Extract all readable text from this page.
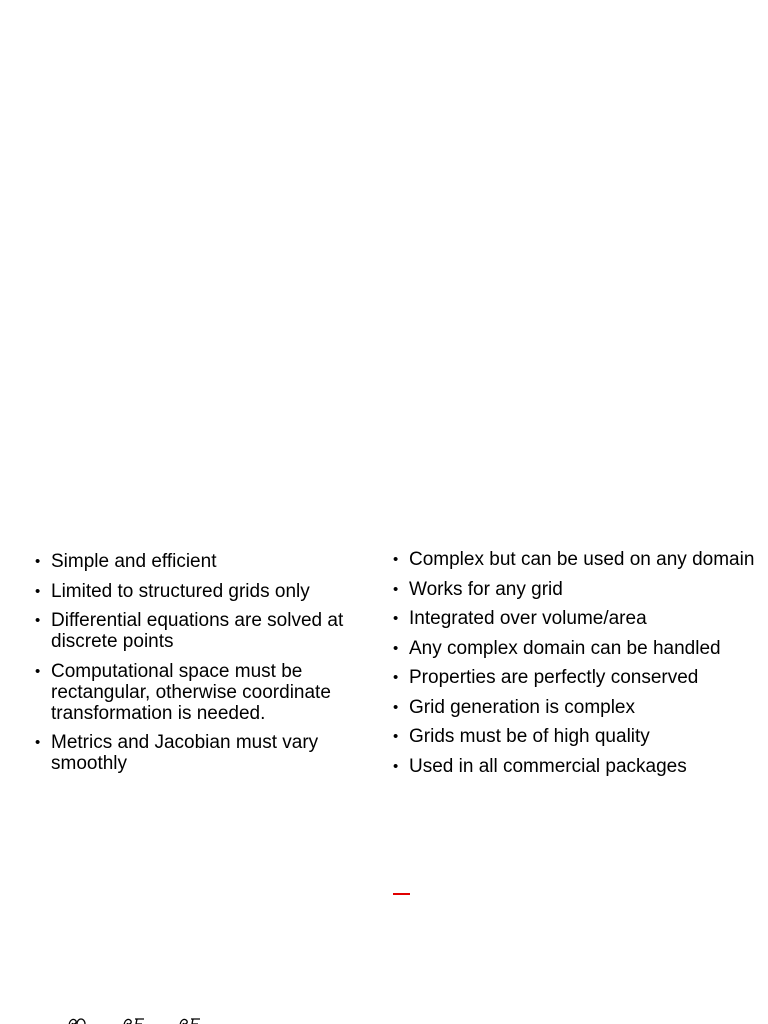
• Simple and efficient
• Limited to structured grids only
• Differential equations are solved at discrete points
• Computational space must be rectangular, otherwise coordinate transformation is needed.
• Metrics and Jacobian must vary smoothly
• Complex but can be used on any domain
• Works for any grid
• Integrated over volume/area
• Any complex domain can be handled
• Properties are perfectly conserved
• Grid generation is complex
• Grids must be of high quality
• Used in all commercial packages
